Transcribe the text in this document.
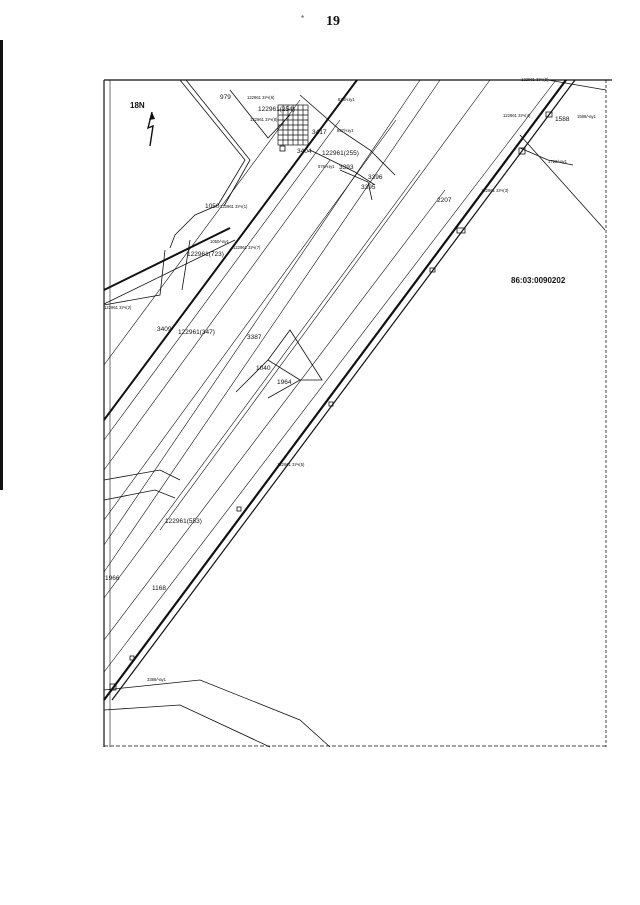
* 19
18N
86:03:0090202
979	122961 3Уч(6)
122961(254)
122961 3Уч(8)
838/чзу1
837/чзу1
3417
3404 122961(255)
676/чзу1 3393
3396
3395
122961 3Уч(9)
122961 3Уч(4)
1588 1588/чзу1
1722/чзу1
122961 3Уч(3)
2207
1050 122961 3Уч(1)
1050/чзу1
122961 3Уч(7)
122961(723)
122961 3Уч(2)
3409 122961(347)
3387
1040
1964
122961 3Уч(5)
122961(553)
1966
1168
3386/чзу1
